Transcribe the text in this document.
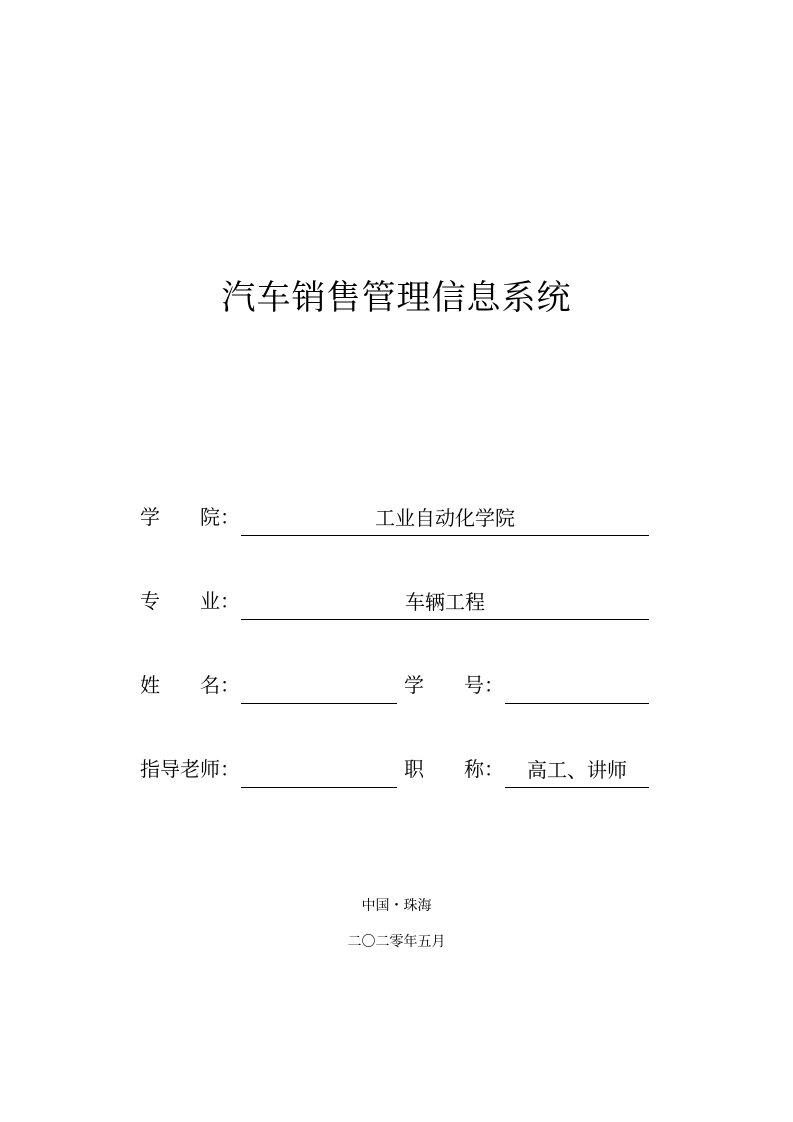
汽车销售管理信息系统
学　　院：	工业自动化学院
专　　业：	车辆工程
姓　　名：	学　　号：
指导老师：	职　　称：	高工、讲师
中国・珠海
二〇二零年五月
